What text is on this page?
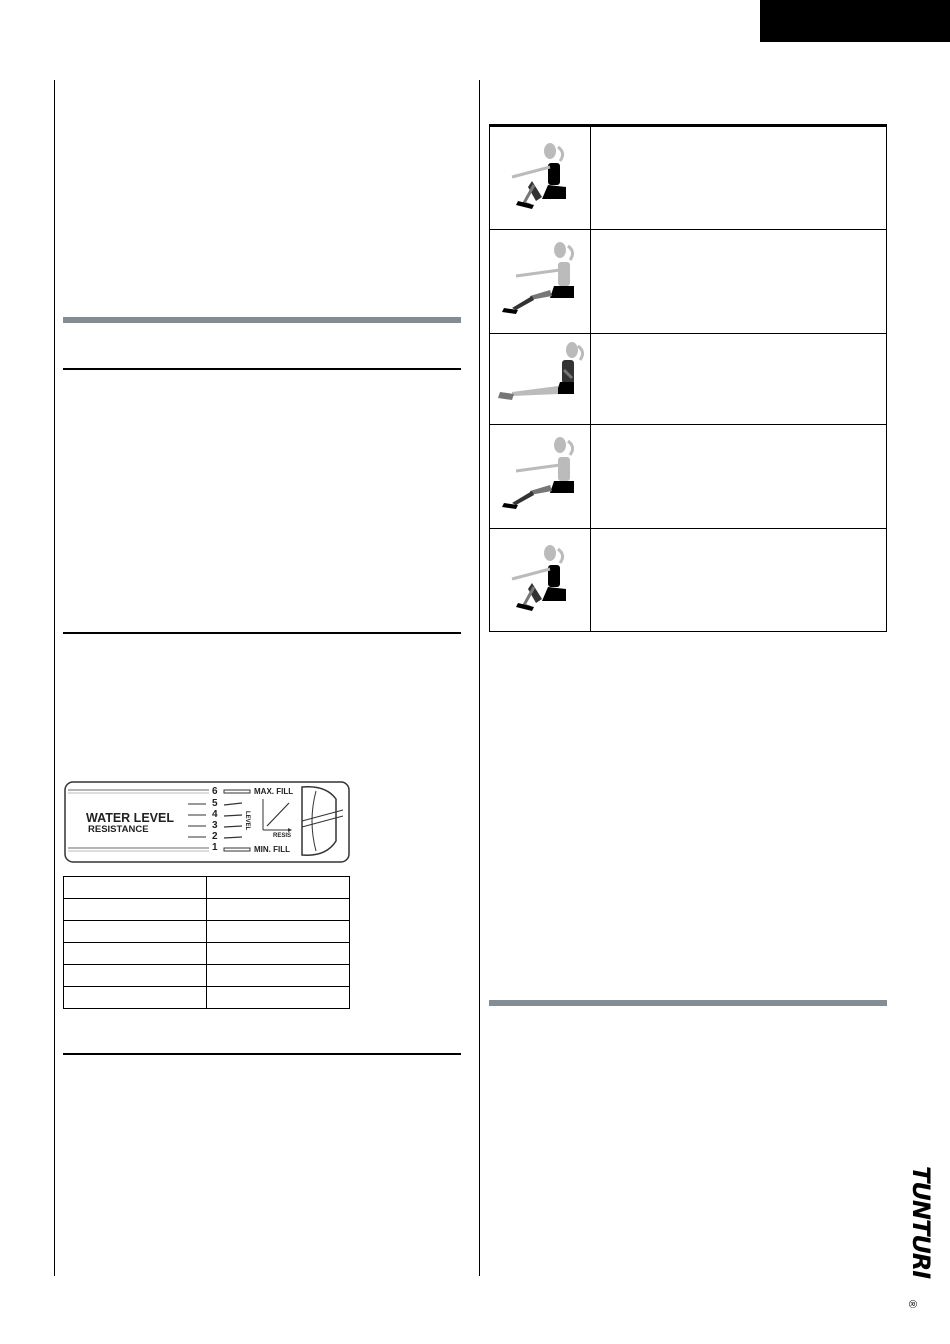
WATER LEVEL
RESISTANCE
6
5
4
3
2
1
MAX. FILL
MIN. FILL
LEVEL
RESIS

TUNTURI
®
